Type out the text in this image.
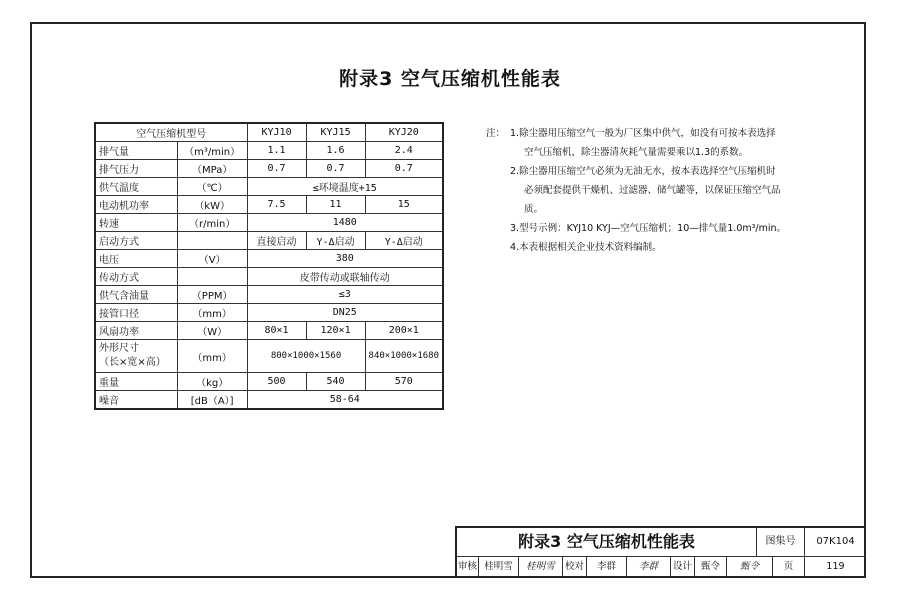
附录3 空气压缩机性能表
空气压缩机型号		KYJ10	KYJ15	KYJ20
排气量	（m³/min）	1.1	1.6	2.4
排气压力	（MPa）	0.7	0.7	0.7
供气温度	（℃）	≤环境温度+15		
电动机功率	（kW）	7.5	11	15
转速	（r/min）	1480		
启动方式		直接启动	Y-Δ启动	Y-Δ启动
电压	（V）	380		
传动方式		皮带传动或联轴传动		
供气含油量	（PPM）	≤3		
接管口径	（mm）	DN25		
风扇功率	（W）	80×1	120×1	200×1
外形尺寸
（长×宽×高）	（mm）	800×1000×1560		840×1000×1680
重量	（kg）	500	540	570
噪音	[dB（A）]	58-64		
注： 1.除尘器用压缩空气一般为厂区集中供气，如没有可按本表选择
空气压缩机，除尘器清灰耗气量需要乘以1.3的系数。
2.除尘器用压缩空气必须为无油无水，按本表选择空气压缩机时
必须配套提供干燥机、过滤器、储气罐等，以保证压缩空气品
质。
3.型号示例：KYJ10 KYJ—空气压缩机；10—排气量1.0m³/min。
4.本表根据相关企业技术资料编制。
附录3 空气压缩机性能表	图集号	07K104
审核 桂明雪	桂明雪	校对	李群	李群	设计 甄令	甄令	页	119
